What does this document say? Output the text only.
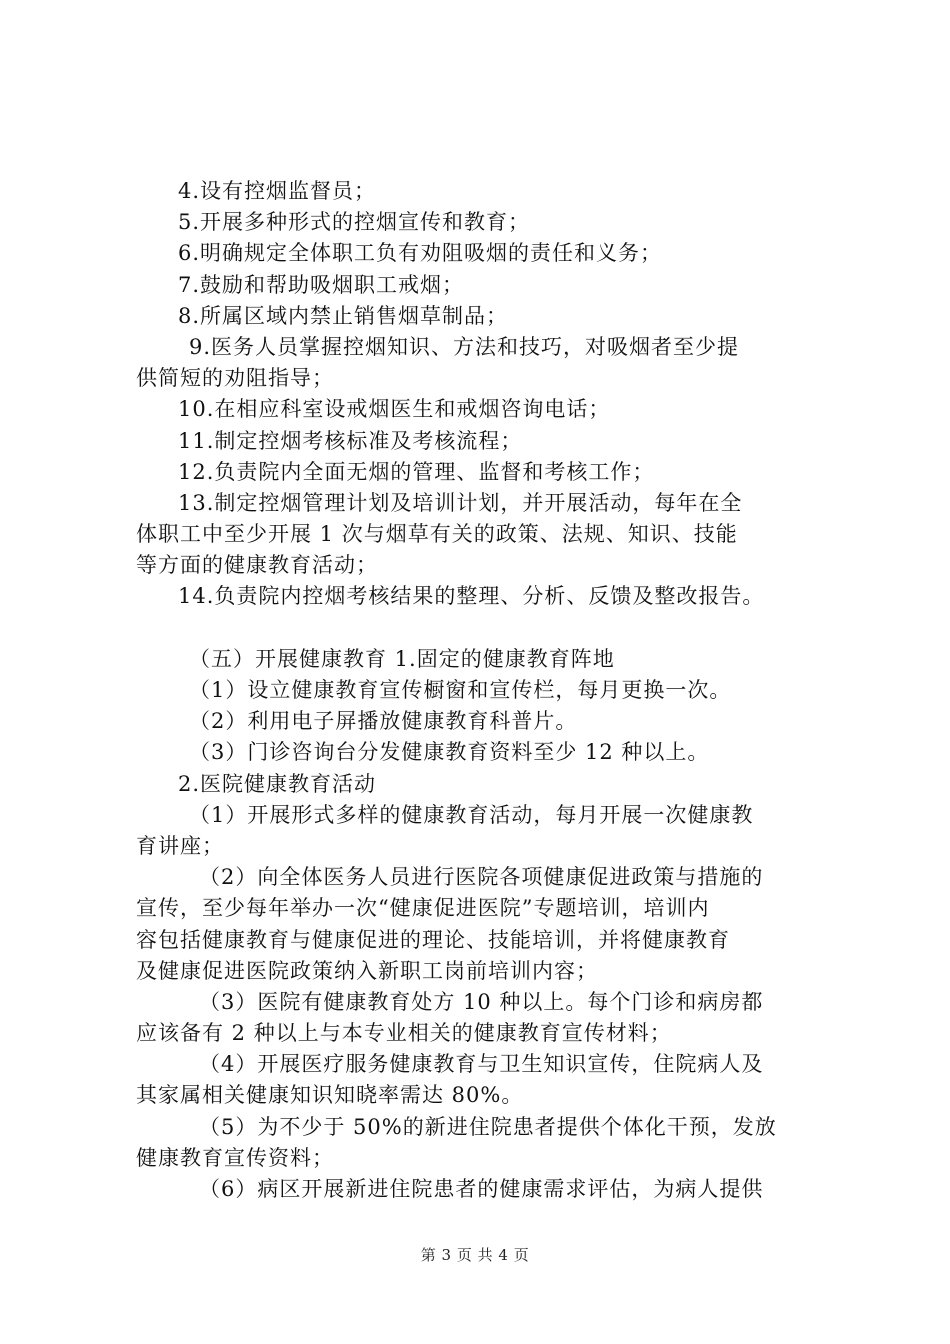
4.设有控烟监督员；
5.开展多种形式的控烟宣传和教育；
6.明确规定全体职工负有劝阻吸烟的责任和义务；
7.鼓励和帮助吸烟职工戒烟；
8.所属区域内禁止销售烟草制品；
9.医务人员掌握控烟知识、方法和技巧，对吸烟者至少提
供简短的劝阻指导；
10.在相应科室设戒烟医生和戒烟咨询电话；
11.制定控烟考核标准及考核流程；
12.负责院内全面无烟的管理、监督和考核工作；
13.制定控烟管理计划及培训计划，并开展活动，每年在全
体职工中至少开展 1 次与烟草有关的政策、法规、知识、技能
等方面的健康教育活动；
14.负责院内控烟考核结果的整理、分析、反馈及整改报告。
（五）开展健康教育 1.固定的健康教育阵地
（1）设立健康教育宣传橱窗和宣传栏，每月更换一次。
（2）利用电子屏播放健康教育科普片。
（3）门诊咨询台分发健康教育资料至少 12 种以上。
2.医院健康教育活动
（1）开展形式多样的健康教育活动，每月开展一次健康教
育讲座；
（2）向全体医务人员进行医院各项健康促进政策与措施的
宣传，至少每年举办一次“健康促进医院”专题培训，培训内
容包括健康教育与健康促进的理论、技能培训，并将健康教育
及健康促进医院政策纳入新职工岗前培训内容；
（3）医院有健康教育处方 10 种以上。每个门诊和病房都
应该备有 2 种以上与本专业相关的健康教育宣传材料；
（4）开展医疗服务健康教育与卫生知识宣传，住院病人及
其家属相关健康知识知晓率需达 80%。
（5）为不少于 50%的新进住院患者提供个体化干预，发放
健康教育宣传资料；
（6）病区开展新进住院患者的健康需求评估，为病人提供
第 3 页 共 4 页
